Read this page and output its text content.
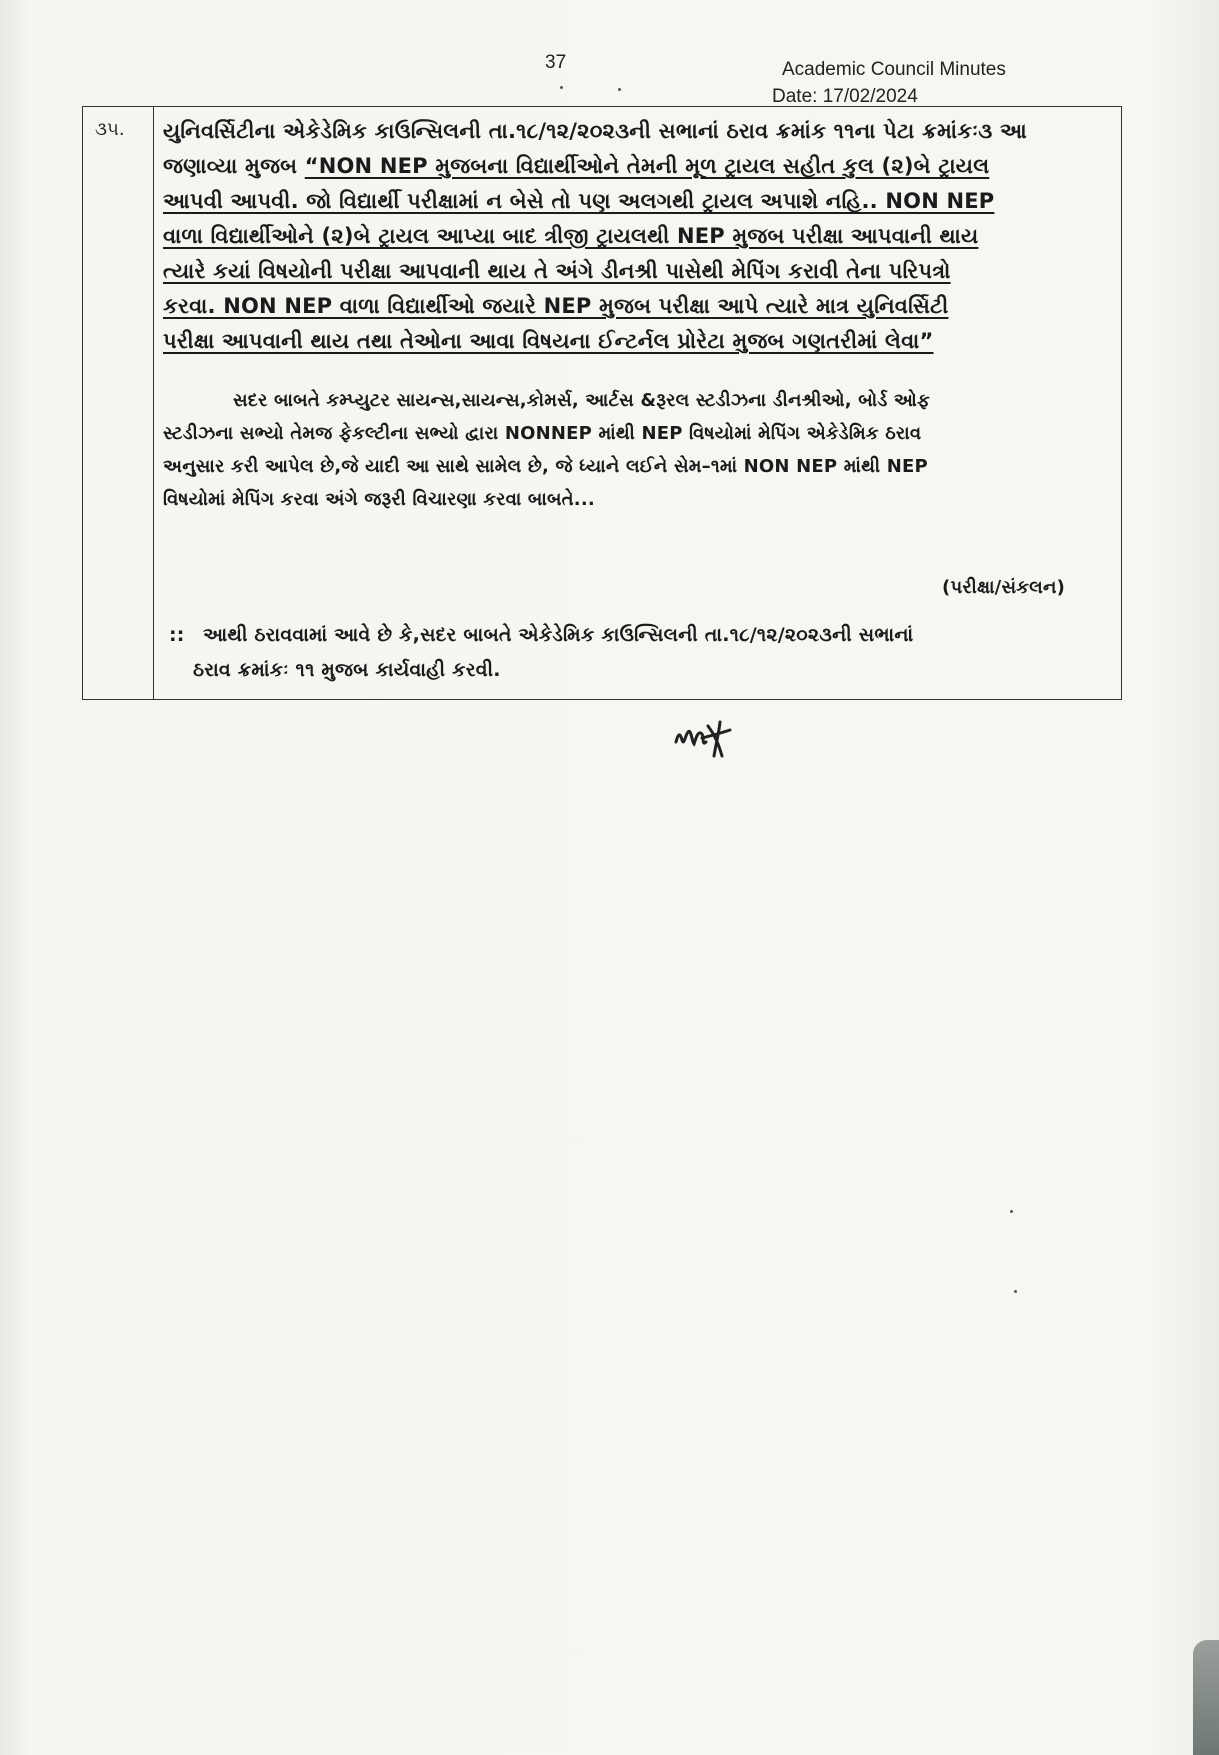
37	Academic Council Minutes
Date: 17/02/2024
૩૫. યુનિવર્સિટીના એકેડેમિક કાઉન્સિલની તા.૧૮/૧૨/૨૦૨૩ની સભાનાં ઠરાવ ક્રમાંક ૧૧ના પેટા ક્રમાંકઃ૩ આ
જણાવ્યા મુજબ “NON NEP મુજબના વિદ્યાર્થીઓને તેમની મૂળ ટ્રાયલ સહીત કુલ (૨)બે ટ્રાયલ
આપવી આપવી. જો વિદ્યાર્થી પરીક્ષામાં ન બેસે તો પણ અલગથી ટ્રાયલ અપાશે નહિ.. NON NEP
વાળા વિદ્યાર્થીઓને (૨)બે ટ્રાયલ આપ્યા બાદ ત્રીજી ટ્રાયલથી NEP મુજબ પરીક્ષા આપવાની થાય
ત્યારે કયાં વિષયોની પરીક્ષા આપવાની થાય તે અંગે ડીનશ્રી પાસેથી મેપિંગ કરાવી તેના પરિપત્રો
કરવા. NON NEP વાળા વિદ્યાર્થીઓ જયારે NEP મુજબ પરીક્ષા આપે ત્યારે માત્ર યુનિવર્સિટી
પરીક્ષા આપવાની થાય તથા તેઓના આવા વિષયના ઈન્ટર્નલ પ્રોરેટા મુજબ ગણતરીમાં લેવા”
સદર બાબતે કમ્પ્યુટર સાયન્સ,સાયન્સ,કોમર્સ, આર્ટસ &રૂરલ સ્ટડીઝના ડીનશ્રીઓ, બોર્ડ ઓફ
સ્ટડીઝના સભ્યો તેમજ ફેકલ્ટીના સભ્યો દ્વારા NONNEP માંથી NEP વિષયોમાં મેપિંગ એકેડેમિક ઠરાવ
અનુસાર કરી આપેલ છે,જે યાદી આ સાથે સામેલ છે, જે ધ્યાને લઈને સેમ–૧માં NON NEP માંથી NEP
વિષયોમાં મેપિંગ કરવા અંગે જરૂરી વિચારણા કરવા બાબતે...
(પરીક્ષા/સંકલન)
:: આથી ઠરાવવામાં આવે છે કે,સદર બાબતે એકેડેમિક કાઉન્સિલની તા.૧૮/૧૨/૨૦૨૩ની સભાનાં
ઠરાવ ક્રમાંકઃ ૧૧ મુજબ કાર્યવાહી કરવી.
